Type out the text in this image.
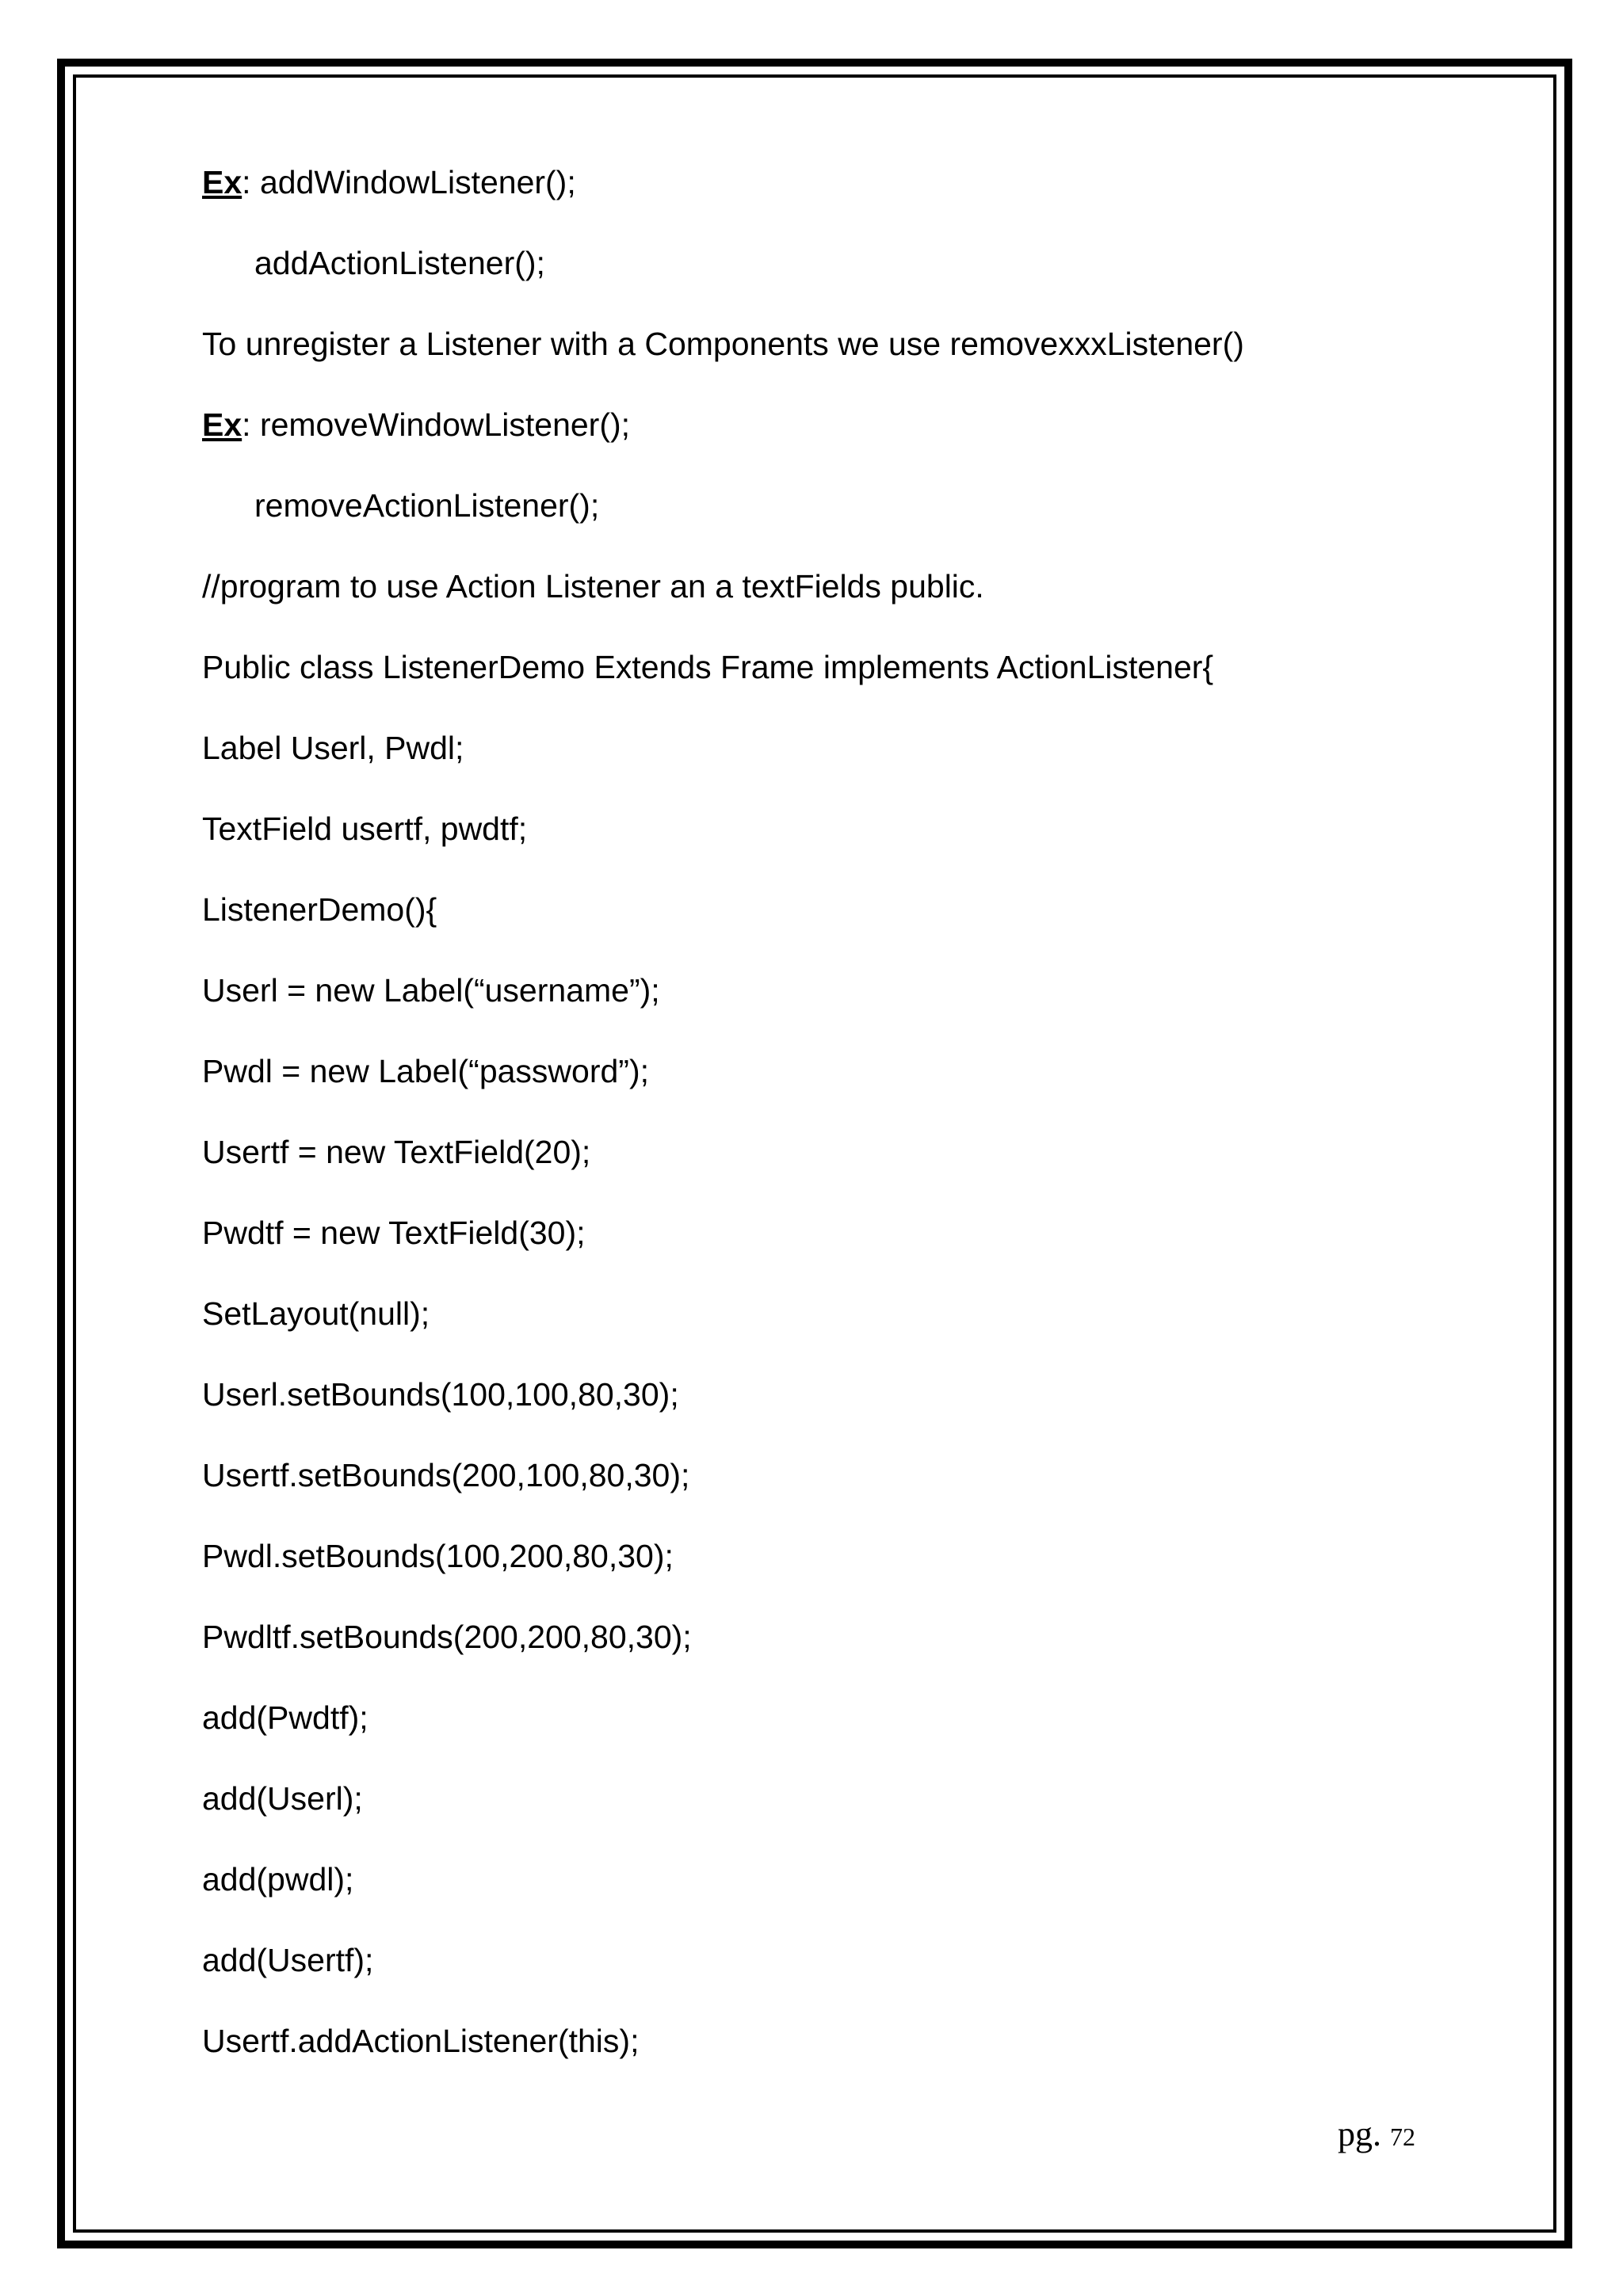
Ex: addWindowListener();
addActionListener();
To unregister a Listener with a Components we use removexxxListener()
Ex: removeWindowListener();
removeActionListener();
//program to use Action Listener an a textFields public.
Public class ListenerDemo Extends Frame implements ActionListener{
Label Userl, Pwdl;
TextField usertf, pwdtf;
ListenerDemo(){
Userl = new Label(“username”);
Pwdl = new Label(“password”);
Usertf = new TextField(20);
Pwdtf = new TextField(30);
SetLayout(null);
Userl.setBounds(100,100,80,30);
Usertf.setBounds(200,100,80,30);
Pwdl.setBounds(100,200,80,30);
Pwdltf.setBounds(200,200,80,30);
add(Pwdtf);
add(Userl);
add(pwdl);
add(Usertf);
Usertf.addActionListener(this);
pg. 72
